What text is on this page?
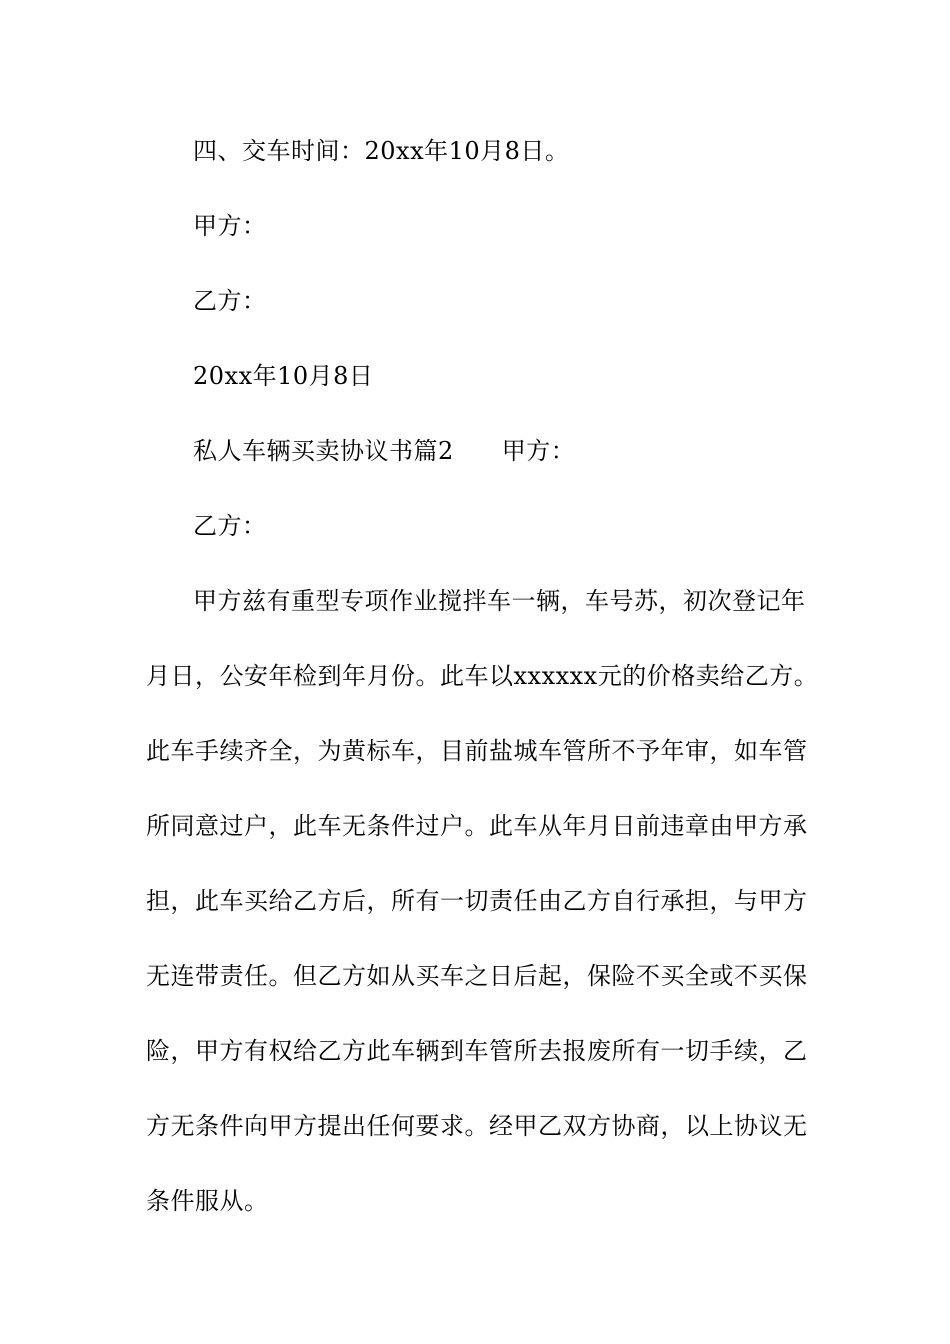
四、交车时间：20xx年10月8日。
甲方：
乙方：
20xx年10月8日
私人车辆买卖协议书篇2 甲方：
乙方：
甲方兹有重型专项作业搅拌车一辆，车号苏，初次登记年
月日，公安年检到年月份。此车以xxxxxx元的价格卖给乙方。
此车手续齐全，为黄标车，目前盐城车管所不予年审，如车管
所同意过户，此车无条件过户。此车从年月日前违章由甲方承
担，此车买给乙方后，所有一切责任由乙方自行承担，与甲方
无连带责任。但乙方如从买车之日后起，保险不买全或不买保
险，甲方有权给乙方此车辆到车管所去报废所有一切手续，乙
方无条件向甲方提出任何要求。经甲乙双方协商，以上协议无
条件服从。
